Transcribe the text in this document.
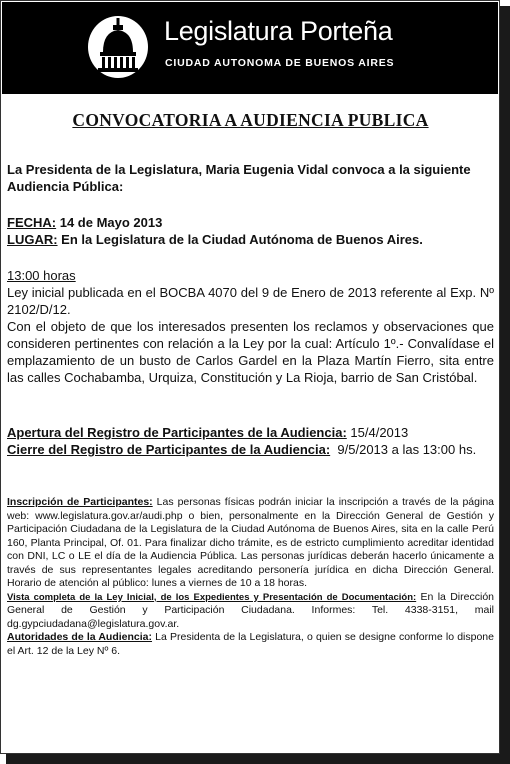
Legislatura Porteña
CIUDAD AUTONOMA DE BUENOS AIRES
CONVOCATORIA A AUDIENCIA PUBLICA
La Presidenta de la Legislatura, Maria Eugenia Vidal convoca a la siguiente Audiencia Pública:
FECHA: 14 de Mayo 2013
LUGAR: En la Legislatura de la Ciudad Autónoma de Buenos Aires.
13:00 horas
Ley inicial publicada en el BOCBA 4070 del 9 de Enero de 2013 referente al Exp. Nº 2102/D/12.
Con el objeto de que los interesados presenten los reclamos y observaciones que consideren pertinentes con relación a la Ley por la cual: Artículo 1º.- Convalídase el emplazamiento de un busto de Carlos Gardel en la Plaza Martín Fierro, sita entre las calles Cochabamba, Urquiza, Constitución y La Rioja, barrio de San Cristóbal.
Apertura del Registro de Participantes de la Audiencia: 15/4/2013
Cierre del Registro de Participantes de la Audiencia: 9/5/2013 a las 13:00 hs.
Inscripción de Participantes: Las personas físicas podrán iniciar la inscripción a través de la página web: www.legislatura.gov.ar/audi.php o bien, personalmente en la Dirección General de Gestión y Participación Ciudadana de la Legislatura de la Ciudad Autónoma de Buenos Aires, sita en la calle Perú 160, Planta Principal, Of. 01. Para finalizar dicho trámite, es de estricto cumplimiento acreditar identidad con DNI, LC o LE el día de la Audiencia Pública. Las personas jurídicas deberán hacerlo únicamente a través de sus representantes legales acreditando personería jurídica en dicha Dirección General. Horario de atención al público: lunes a viernes de 10 a 18 horas.
Vista completa de la Ley Inicial, de los Expedientes y Presentación de Documentación: En la Dirección General de Gestión y Participación Ciudadana. Informes: Tel. 4338-3151, mail dg.gypciudadana@legislatura.gov.ar.
Autoridades de la Audiencia: La Presidenta de la Legislatura, o quien se designe conforme lo dispone el Art. 12 de la Ley Nº 6.
